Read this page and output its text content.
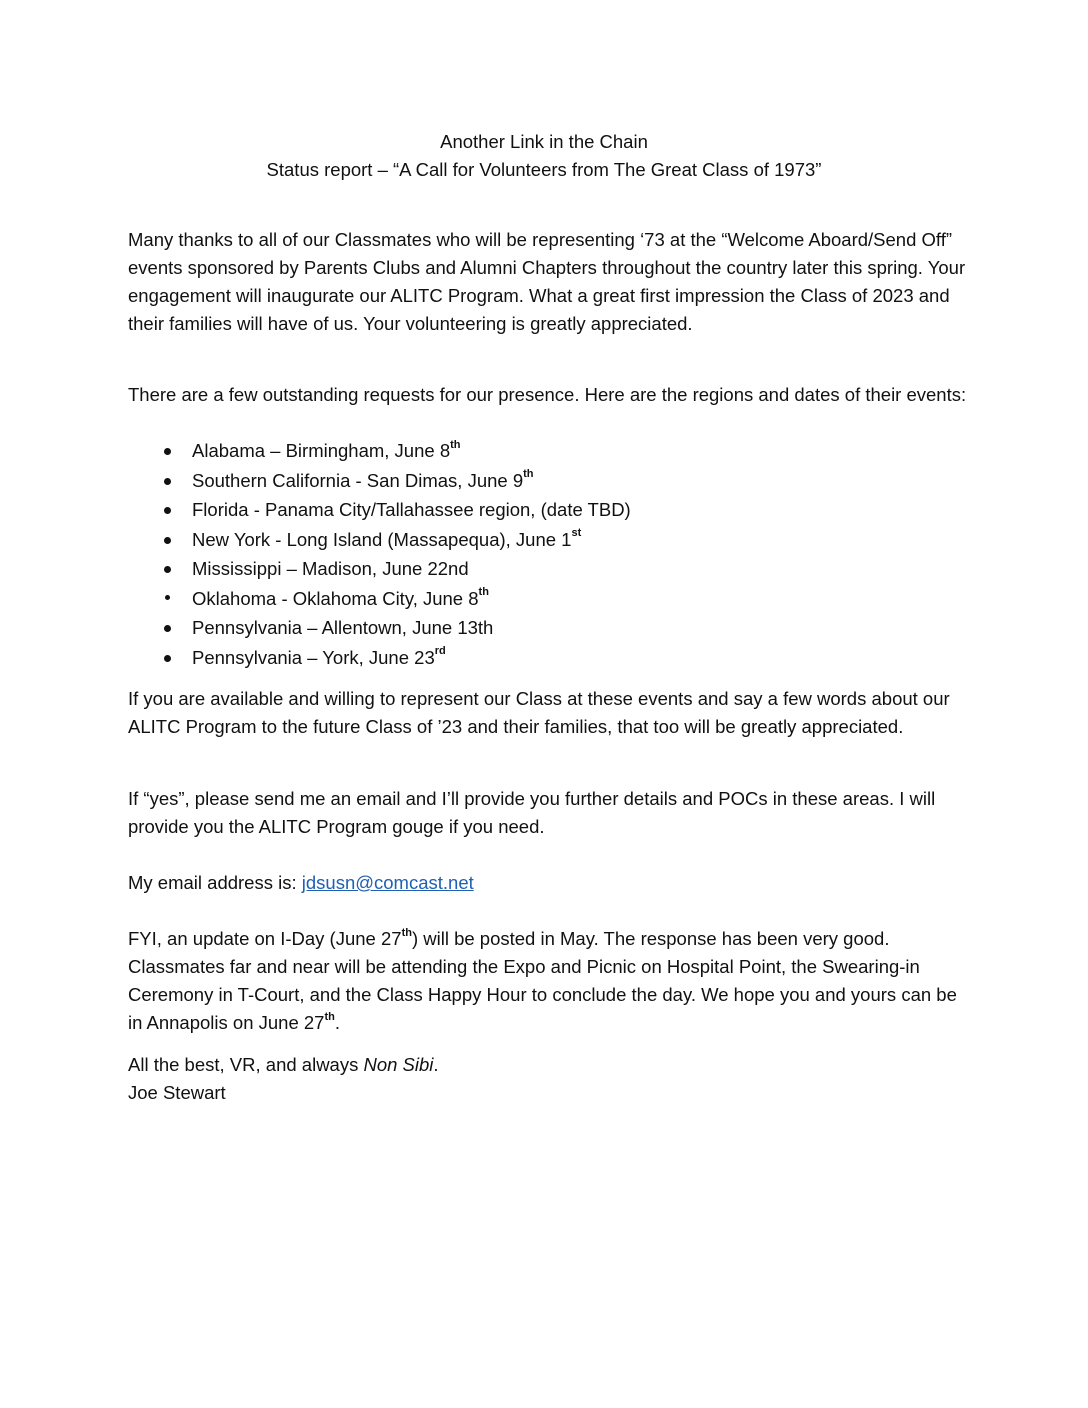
Another Link in the Chain
Status report – “A Call for Volunteers from The Great Class of 1973”

Many thanks to all of our Classmates who will be representing ‘73 at the “Welcome Aboard/Send Off” events sponsored by Parents Clubs and Alumni Chapters throughout the country later this spring. Your engagement will inaugurate our ALITC Program. What a great first impression the Class of 2023 and their families will have of us. Your volunteering is greatly appreciated.

There are a few outstanding requests for our presence. Here are the regions and dates of their events:

Alabama – Birmingham, June 8th
Southern California - San Dimas, June 9th
Florida - Panama City/Tallahassee region, (date TBD)
New York - Long Island (Massapequa), June 1st
Mississippi – Madison, June 22nd
Oklahoma - Oklahoma City, June 8th
Pennsylvania – Allentown, June 13th
Pennsylvania – York, June 23rd

If you are available and willing to represent our Class at these events and say a few words about our ALITC Program to the future Class of ’23 and their families, that too will be greatly appreciated.

If “yes”, please send me an email and I’ll provide you further details and POCs in these areas. I will provide you the ALITC Program gouge if you need.

My email address is: jdsusn@comcast.net

FYI, an update on I-Day (June 27th) will be posted in May. The response has been very good. Classmates far and near will be attending the Expo and Picnic on Hospital Point, the Swearing-in Ceremony in T-Court, and the Class Happy Hour to conclude the day. We hope you and yours can be in Annapolis on June 27th.

All the best, VR, and always Non Sibi.

Joe Stewart
